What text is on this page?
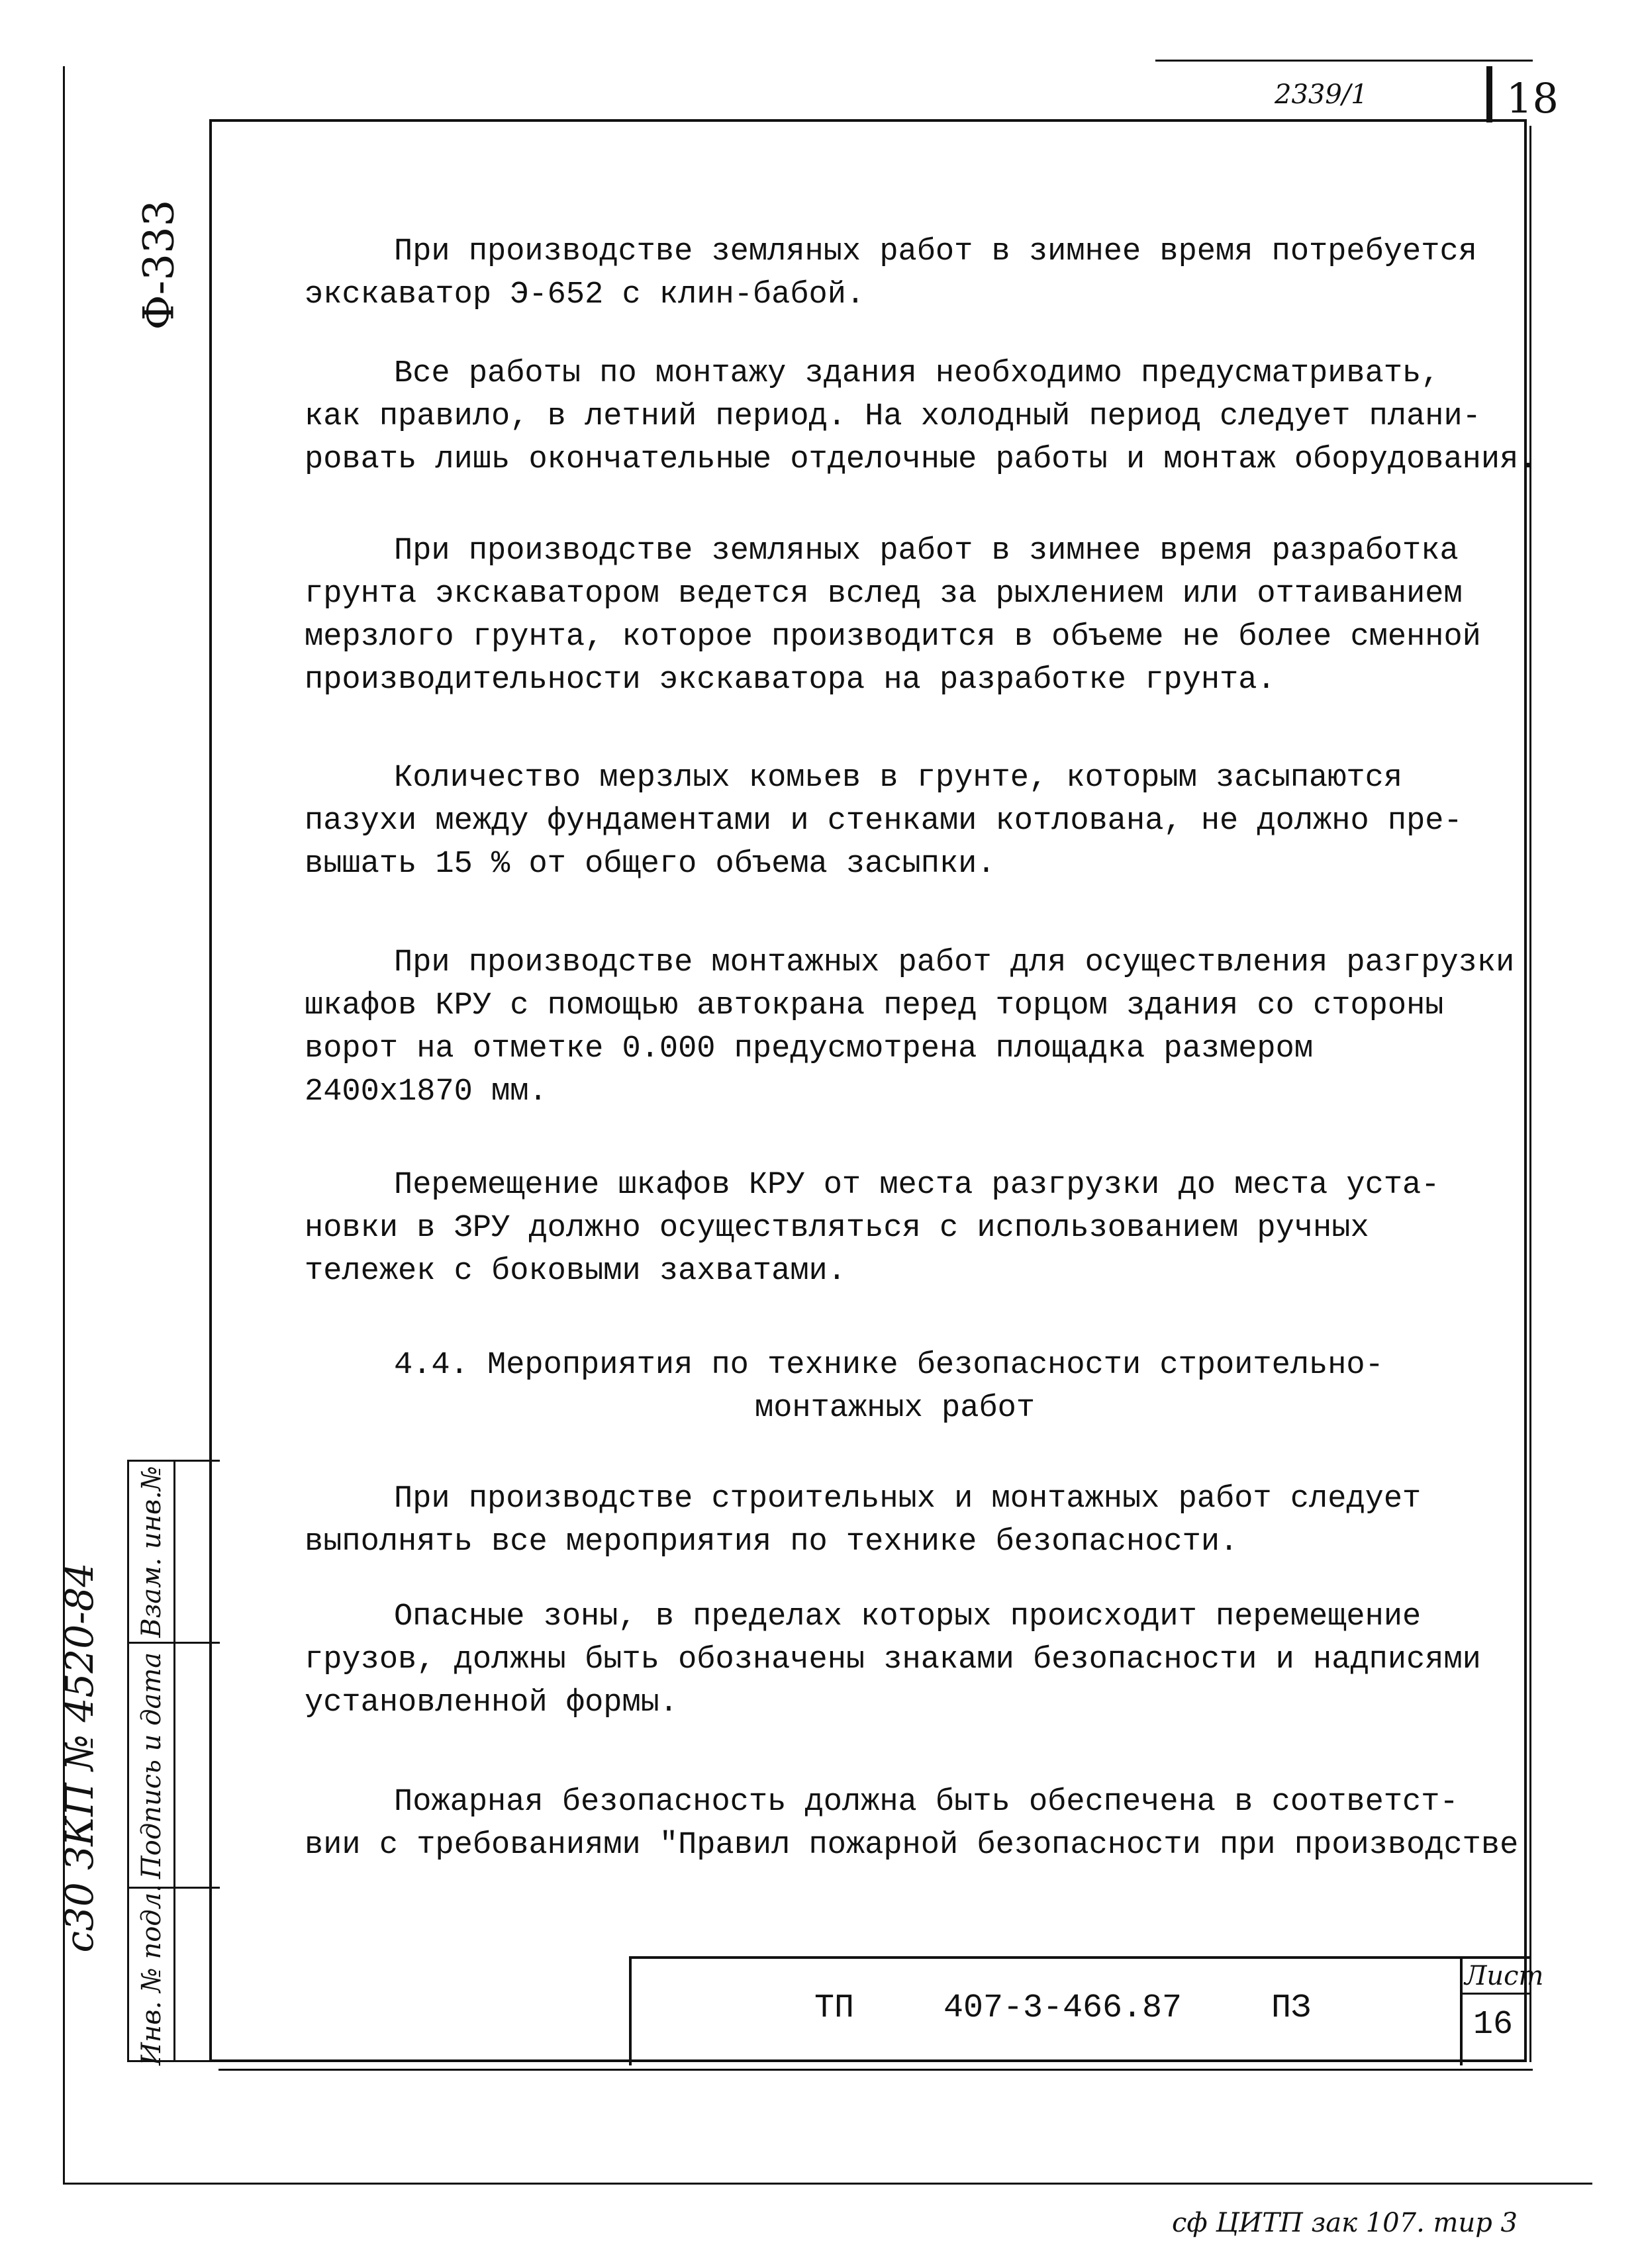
2339/1	18
Ф-333
с30 ЗКП № 4520-84
Взам. инв.№
Подпись и дата
Инв. № подл.
При производстве земляных работ в зимнее время потребуется
экскаватор Э-652 с клин-бабой.
Все работы по монтажу здания необходимо предусматривать,
как правило, в летний период. На холодный период следует плани-
ровать лишь окончательные отделочные работы и монтаж оборудования.
При производстве земляных работ в зимнее время разработка
грунта экскаватором ведется вслед за рыхлением или оттаиванием
мерзлого грунта, которое производится в объеме не более сменной
производительности экскаватора на разработке грунта.
Количество мерзлых комьев в грунте, которым засыпаются
пазухи между фундаментами и стенками котлована, не должно пре-
вышать 15 % от общего объема засыпки.
При производстве монтажных работ для осуществления разгрузки
шкафов КРУ с помощью автокрана перед торцом здания со стороны
ворот на отметке 0.000 предусмотрена площадка размером
2400х1870 мм.
Перемещение шкафов КРУ от места разгрузки до места уста-
новки в ЗРУ должно осуществляться с использованием ручных
тележек с боковыми захватами.
4.4. Мероприятия по технике безопасности строительно-
монтажных работ
При производстве строительных и монтажных работ следует
выполнять все мероприятия по технике безопасности.
Опасные зоны, в пределах которых происходит перемещение
грузов, должны быть обозначены знаками безопасности и надписями
установленной формы.
Пожарная безопасность должна быть обеспечена в соответст-
вии с требованиями "Правил пожарной безопасности при производстве
ТП	407-3-466.87	ПЗ
Лист
16
сф ЦИТП зак 107. тир 3
